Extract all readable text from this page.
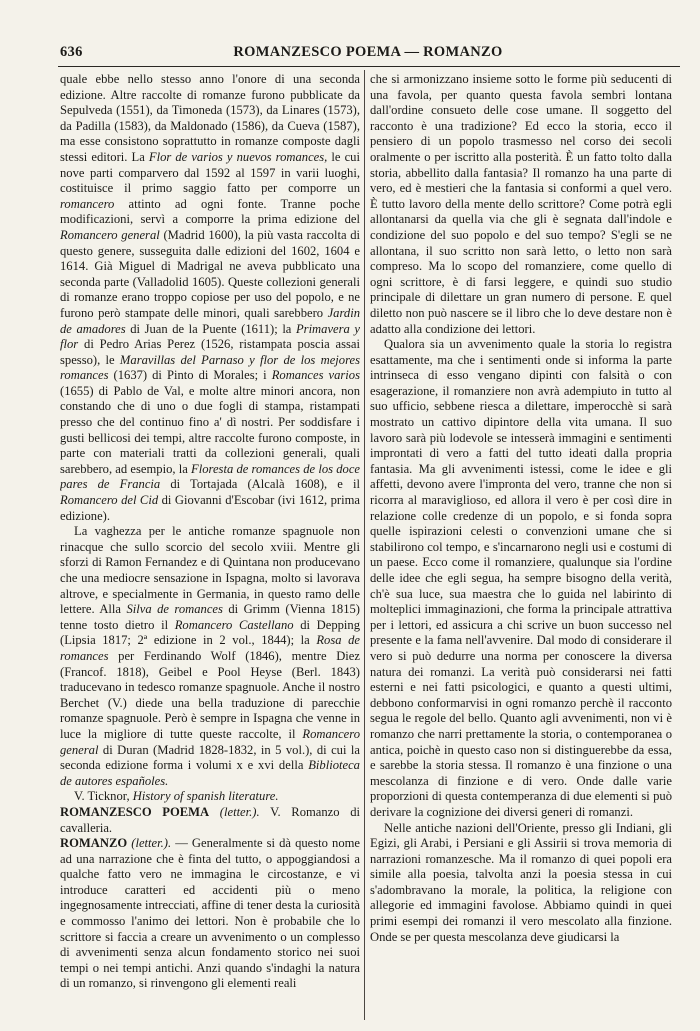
636	ROMANZESCO POEMA — ROMANZO

quale ebbe nello stesso anno l'onore di una seconda edizione. Altre raccolte di romanze furono pubblicate da Sepulveda (1551), da Timoneda (1573), da Linares (1573), da Padilla (1583), da Maldonado (1586), da Cueva (1587), ma esse consistono soprattutto in romanze composte dagli stessi editori. La Flor de varios y nuevos romances, le cui nove parti comparvero dal 1592 al 1597 in varii luoghi, costituisce il primo saggio fatto per comporre un romancero attinto ad ogni fonte. Tranne poche modificazioni, servì a comporre la prima edizione del Romancero general (Madrid 1600), la più vasta raccolta di questo genere, susseguita dalle edizioni del 1602, 1604 e 1614. Già Miguel di Madrigal ne aveva pubblicato una seconda parte (Valladolid 1605). Queste collezioni generali di romanze erano troppo copiose per uso del popolo, e ne furono però stampate delle minori, quali sarebbero Jardin de amadores di Juan de la Puente (1611); la Primavera y flor di Pedro Arias Perez (1526, ristampata poscia assai spesso), le Maravillas del Parnaso y flor de los mejores romances (1637) di Pinto di Morales; i Romances varios (1655) di Pablo de Val, e molte altre minori ancora, non constando che di uno o due fogli di stampa, ristampati presso che del continuo fino a' dì nostri. Per soddisfare i gusti bellicosi dei tempi, altre raccolte furono composte, in parte con materiali tratti da collezioni generali, quali sarebbero, ad esempio, la Floresta de romances de los doce pares de Francia di Tortajada (Alcalà 1608), e il Romancero del Cid di Giovanni d'Escobar (ivi 1612, prima edizione).

La vaghezza per le antiche romanze spagnuole non rinacque che sullo scorcio del secolo xviii. Mentre gli sforzi di Ramon Fernandez e di Quintana non producevano che una mediocre sensazione in Ispagna, molto si lavorava altrove, e specialmente in Germania, in questo ramo delle lettere. Alla Silva de romances di Grimm (Vienna 1815) tenne tosto dietro il Romancero Castellano di Depping (Lipsia 1817; 2ª edizione in 2 vol., 1844); la Rosa de romances per Ferdinando Wolf (1846), mentre Diez (Francof. 1818), Geibel e Pool Heyse (Berl. 1843) traducevano in tedesco romanze spagnuole. Anche il nostro Berchet (V.) diede una bella traduzione di parecchie romanze spagnuole. Però è sempre in Ispagna che venne in luce la migliore di tutte queste raccolte, il Romancero general di Duran (Madrid 1828-1832, in 5 vol.), di cui la seconda edizione forma i volumi x e xvi della Biblioteca de autores españoles.

V. Ticknor, History of spanish literature.

ROMANZESCO POEMA (letter.). V. Romanzo di cavalleria.

ROMANZO (letter.). — Generalmente si dà questo nome ad una narrazione che è finta del tutto, o appoggiandosi a qualche fatto vero ne immagina le circostanze, e vi introduce caratteri ed accidenti più o meno ingegnosamente intrecciati, affine di tener desta la curiosità e commosso l'animo dei lettori. Non è probabile che lo scrittore si faccia a creare un avvenimento o un complesso di avvenimenti senza alcun fondamento storico nei suoi tempi o nei tempi antichi. Anzi quando s'indaghi la natura di un romanzo, si rinvengono gli elementi reali

che si armonizzano insieme sotto le forme più seducenti di una favola, per quanto questa favola sembri lontana dall'ordine consueto delle cose umane. Il soggetto del racconto è una tradizione? Ed ecco la storia, ecco il pensiero di un popolo trasmesso nel corso dei secoli oralmente o per iscritto alla posterità. È un fatto tolto dalla storia, abbellito dalla fantasia? Il romanzo ha una parte di vero, ed è mestieri che la fantasia si conformi a quel vero. È tutto lavoro della mente dello scrittore? Come potrà egli allontanarsi da quella via che gli è segnata dall'indole e condizione del suo popolo e del suo tempo? S'egli se ne allontana, il suo scritto non sarà letto, o letto non sarà compreso. Ma lo scopo del romanziere, come quello di ogni scrittore, è di farsi leggere, e quindi suo studio principale di dilettare un gran numero di persone. E quel diletto non può nascere se il libro che lo deve destare non è adatto alla condizione dei lettori.

Qualora sia un avvenimento quale la storia lo registra esattamente, ma che i sentimenti onde si informa la parte intrinseca di esso vengano dipinti con falsità o con esagerazione, il romanziere non avrà adempiuto in tutto al suo ufficio, sebbene riesca a dilettare, imperocchè si sarà mostrato un cattivo dipintore della vita umana. Il suo lavoro sarà più lodevole se intesserà immagini e sentimenti improntati di vero a fatti del tutto ideati dalla propria fantasia. Ma gli avvenimenti istessi, come le idee e gli affetti, devono avere l'impronta del vero, tranne che non si ricorra al maraviglioso, ed allora il vero è per così dire in relazione colle credenze di un popolo, e si fonda sopra quelle ispirazioni celesti o convenzioni umane che si stabilirono col tempo, e s'incarnarono negli usi e costumi di un paese. Ecco come il romanziere, qualunque sia l'ordine delle idee che egli segua, ha sempre bisogno della verità, ch'è sua luce, sua maestra che lo guida nel labirinto di molteplici immaginazioni, che forma la principale attrattiva per i lettori, ed assicura a chi scrive un buon successo nel presente e la fama nell'avvenire. Dal modo di considerare il vero si può dedurre una norma per conoscere la diversa natura dei romanzi. La verità può considerarsi nei fatti esterni e nei fatti psicologici, e quanto a questi ultimi, debbono conformarvisi in ogni romanzo perchè il racconto segua le regole del bello. Quanto agli avvenimenti, non vi è romanzo che narri prettamente la storia, o contemporanea o antica, poichè in questo caso non si distinguerebbe da essa, e sarebbe la storia stessa. Il romanzo è una finzione o una mescolanza di finzione e di vero. Onde dalle varie proporzioni di questa contemperanza di due elementi si può derivare la cognizione dei diversi generi di romanzi.

Nelle antiche nazioni dell'Oriente, presso gli Indiani, gli Egizi, gli Arabi, i Persiani e gli Assirii si trova memoria di narrazioni romanzesche. Ma il romanzo di quei popoli era simile alla poesia, talvolta anzi la poesia stessa in cui s'adombravano la morale, la politica, la religione con allegorie ed immagini favolose. Abbiamo quindi in quei primi esempi dei romanzi il vero mescolato alla finzione. Onde se per questa mescolanza deve giudicarsi la
